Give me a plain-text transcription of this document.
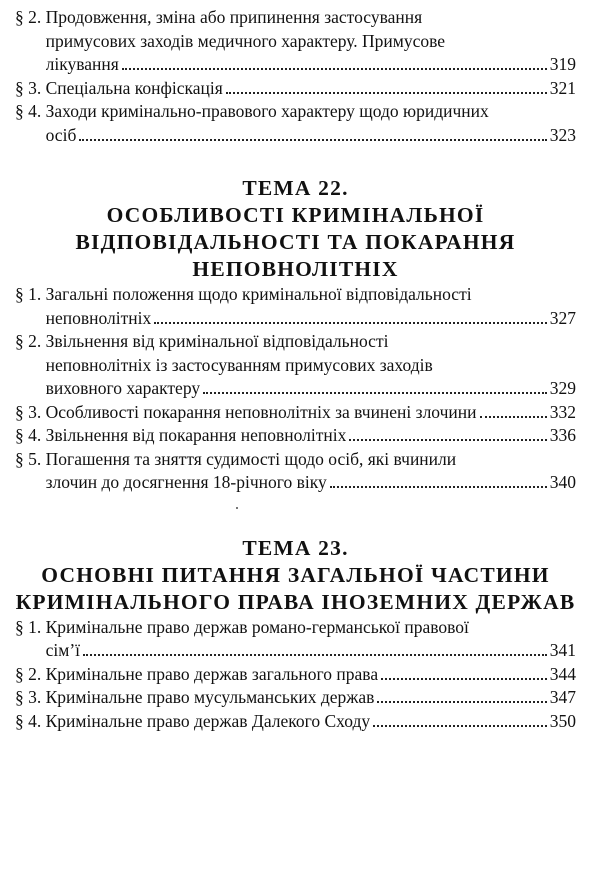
§ 2.
Продовження, зміна або припинення застосування
примусових заходів медичного характеру. Примусове
лікування	319
§ 3.
Спеціальна конфіскація	321
§ 4.
Заходи кримінально-правового характеру щодо юридичних
осіб	323
ТЕМА 22.
ОСОБЛИВОСТІ КРИМІНАЛЬНОЇ
ВІДПОВІДАЛЬНОСТІ ТА ПОКАРАННЯ
НЕПОВНОЛІТНІХ
§ 1.
Загальні положення щодо кримінальної відповідальності
неповнолітніх	327
§ 2.
Звільнення від кримінальної відповідальності
неповнолітніх із застосуванням примусових заходів
виховного характеру	329
§ 3.
Особливості покарання неповнолітніх за вчинені злочини	332
§ 4.
Звільнення від покарання неповнолітніх	336
§ 5.
Погашення та зняття судимості щодо осіб, які вчинили
злочин до досягнення 18-річного віку	340
ТЕМА 23.
ОСНОВНІ ПИТАННЯ ЗАГАЛЬНОЇ ЧАСТИНИ
КРИМІНАЛЬНОГО ПРАВА ІНОЗЕМНИХ ДЕРЖАВ
§ 1.
Кримінальне право держав романо-германської правової
сім’ї	341
§ 2.
Кримінальне право держав загального права	344
§ 3.
Кримінальне право мусульманських держав	347
§ 4.
Кримінальне право держав Далекого Сходу	350
